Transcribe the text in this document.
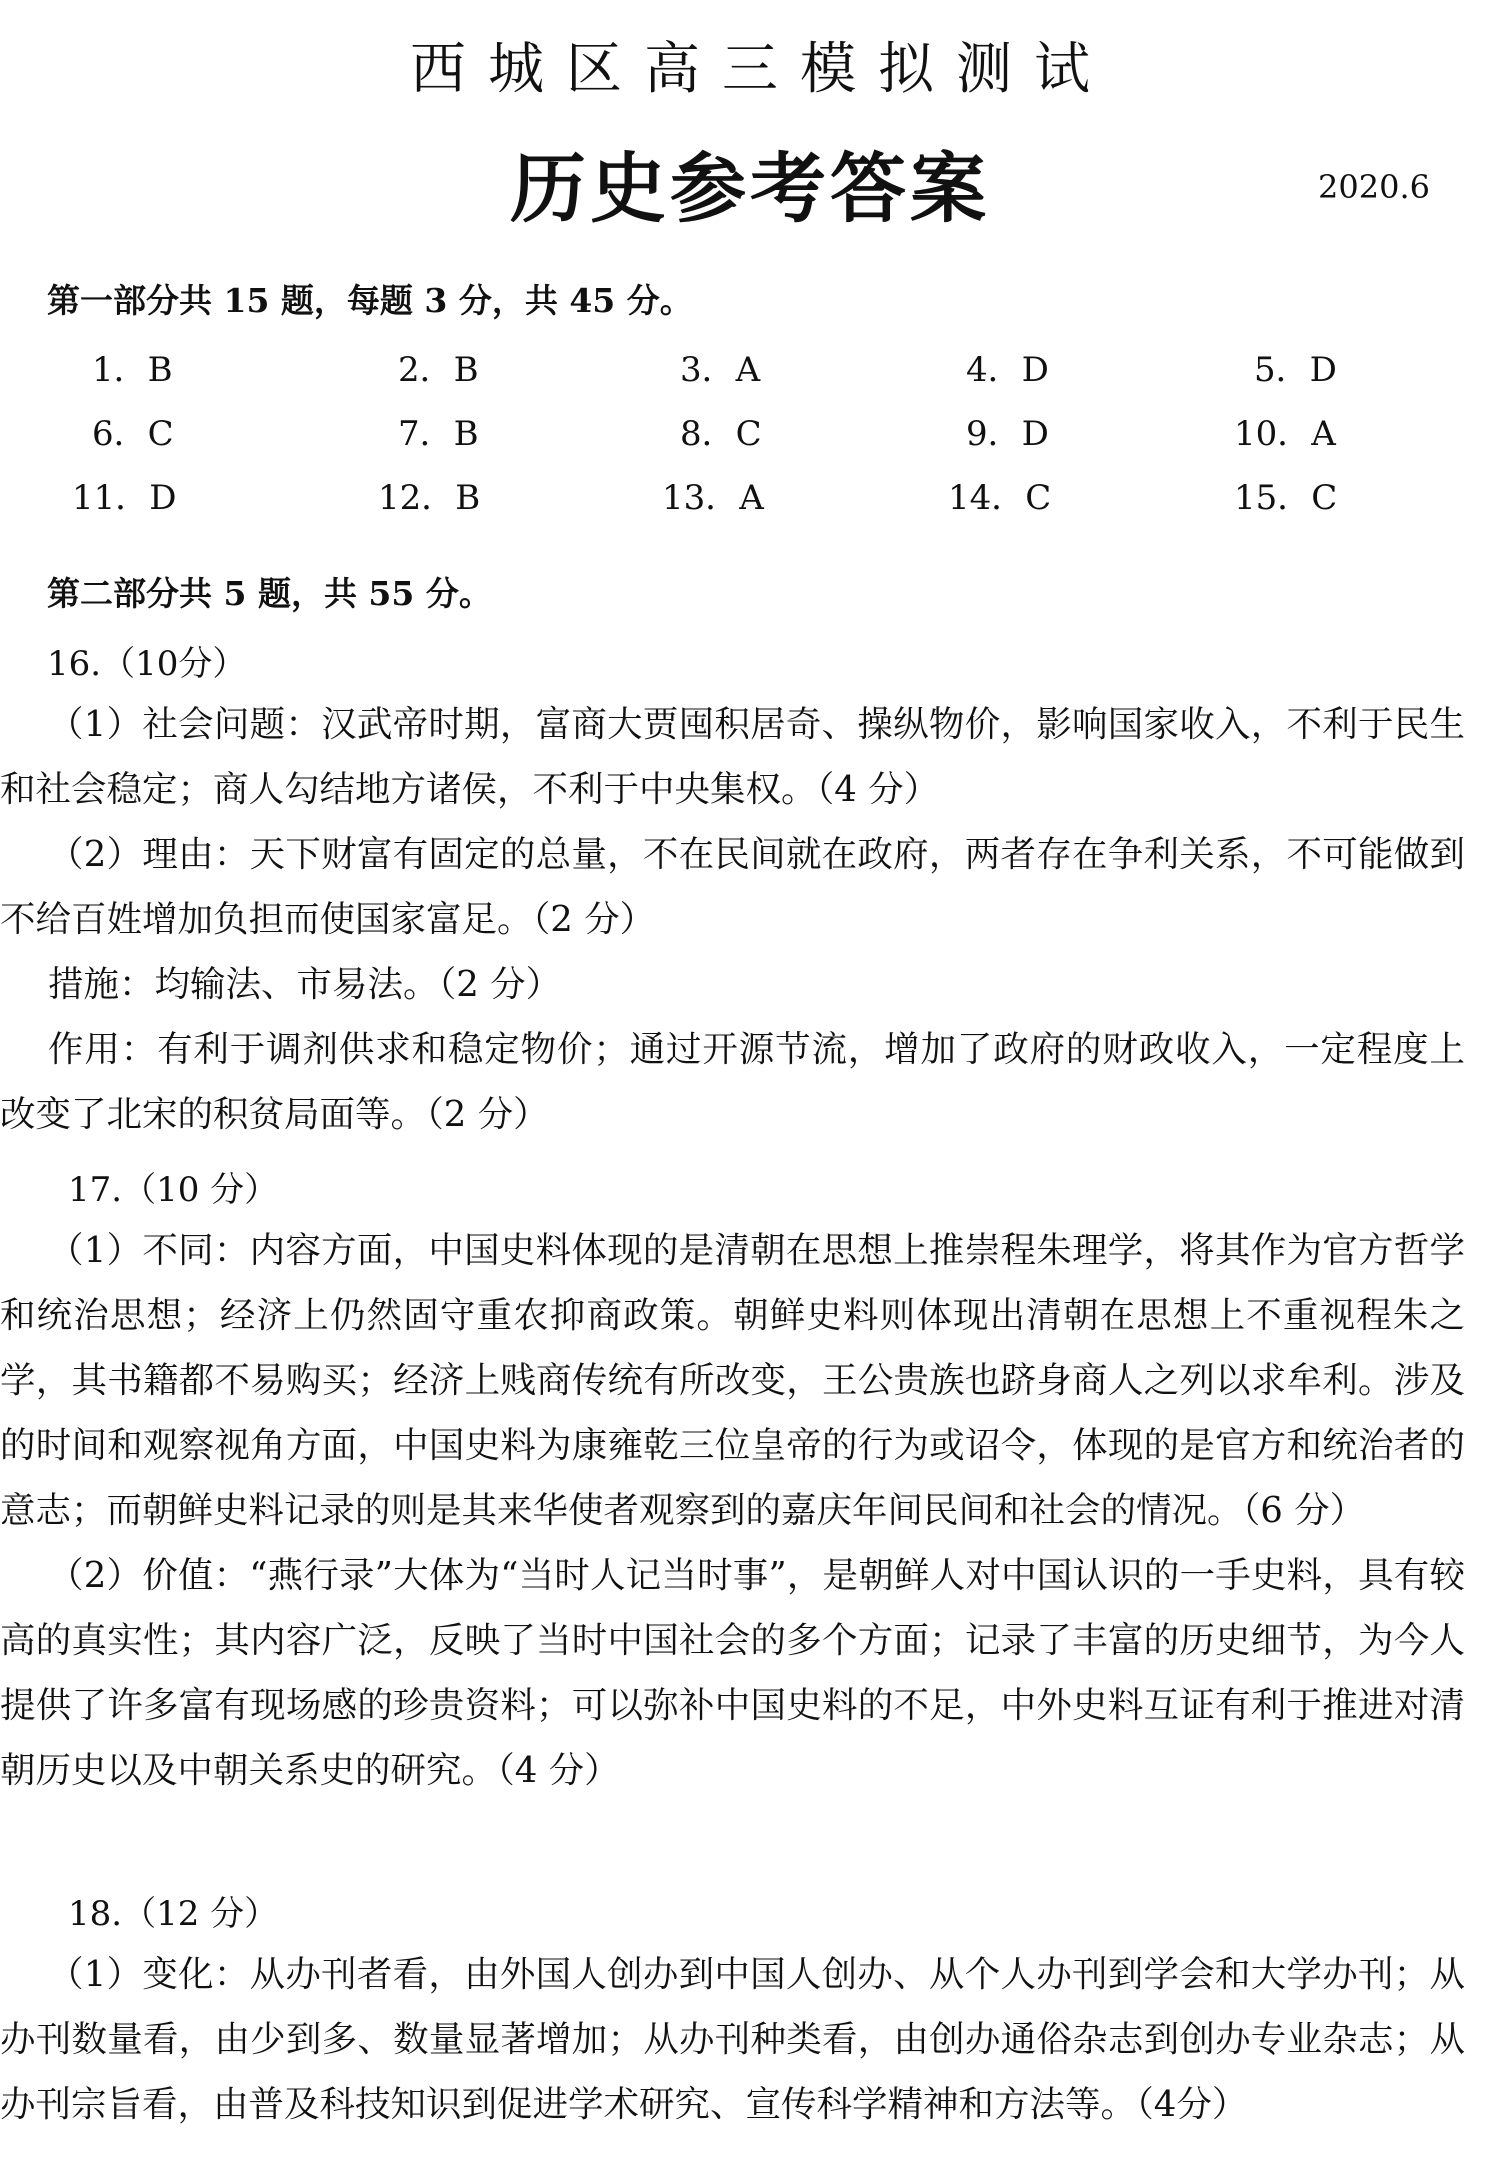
西城区高三模拟测试
历史参考答案	2020.6
第一部分共 15 题，每题 3 分，共 45 分。
1．B	2．B	3．A	4．D	5．D
6．C	7．B	8．C	9．D	10．A
11．D	12．B	13．A	14．C	15．C
第二部分共 5 题，共 55 分。
16.（10分）

（1）社会问题：汉武帝时期，富商大贾囤积居奇、操纵物价，影响国家收入，不利于民生和社会稳定；商人勾结地方诸侯，不利于中央集权。（4 分）

（2）理由：天下财富有固定的总量，不在民间就在政府，两者存在争利关系，不可能做到不给百姓增加负担而使国家富足。（2 分）

措施：均输法、市易法。（2 分）

作用：有利于调剂供求和稳定物价；通过开源节流，增加了政府的财政收入，一定程度上改变了北宋的积贫局面等。（2 分）

17.（10 分）

（1）不同：内容方面，中国史料体现的是清朝在思想上推崇程朱理学，将其作为官方哲学和统治思想；经济上仍然固守重农抑商政策。朝鲜史料则体现出清朝在思想上不重视程朱之学，其书籍都不易购买；经济上贱商传统有所改变，王公贵族也跻身商人之列以求牟利。涉及的时间和观察视角方面，中国史料为康雍乾三位皇帝的行为或诏令，体现的是官方和统治者的意志；而朝鲜史料记录的则是其来华使者观察到的嘉庆年间民间和社会的情况。（6 分）

（2）价值：“燕行录”大体为“当时人记当时事”，是朝鲜人对中国认识的一手史料，具有较高的真实性；其内容广泛，反映了当时中国社会的多个方面；记录了丰富的历史细节，为今人提供了许多富有现场感的珍贵资料；可以弥补中国史料的不足，中外史料互证有利于推进对清朝历史以及中朝关系史的研究。（4 分）

18.（12 分）

（1）变化：从办刊者看，由外国人创办到中国人创办、从个人办刊到学会和大学办刊；从办刊数量看，由少到多、数量显著增加；从办刊种类看，由创办通俗杂志到创办专业杂志；从办刊宗旨看，由普及科技知识到促进学术研究、宣传科学精神和方法等。（4分）
